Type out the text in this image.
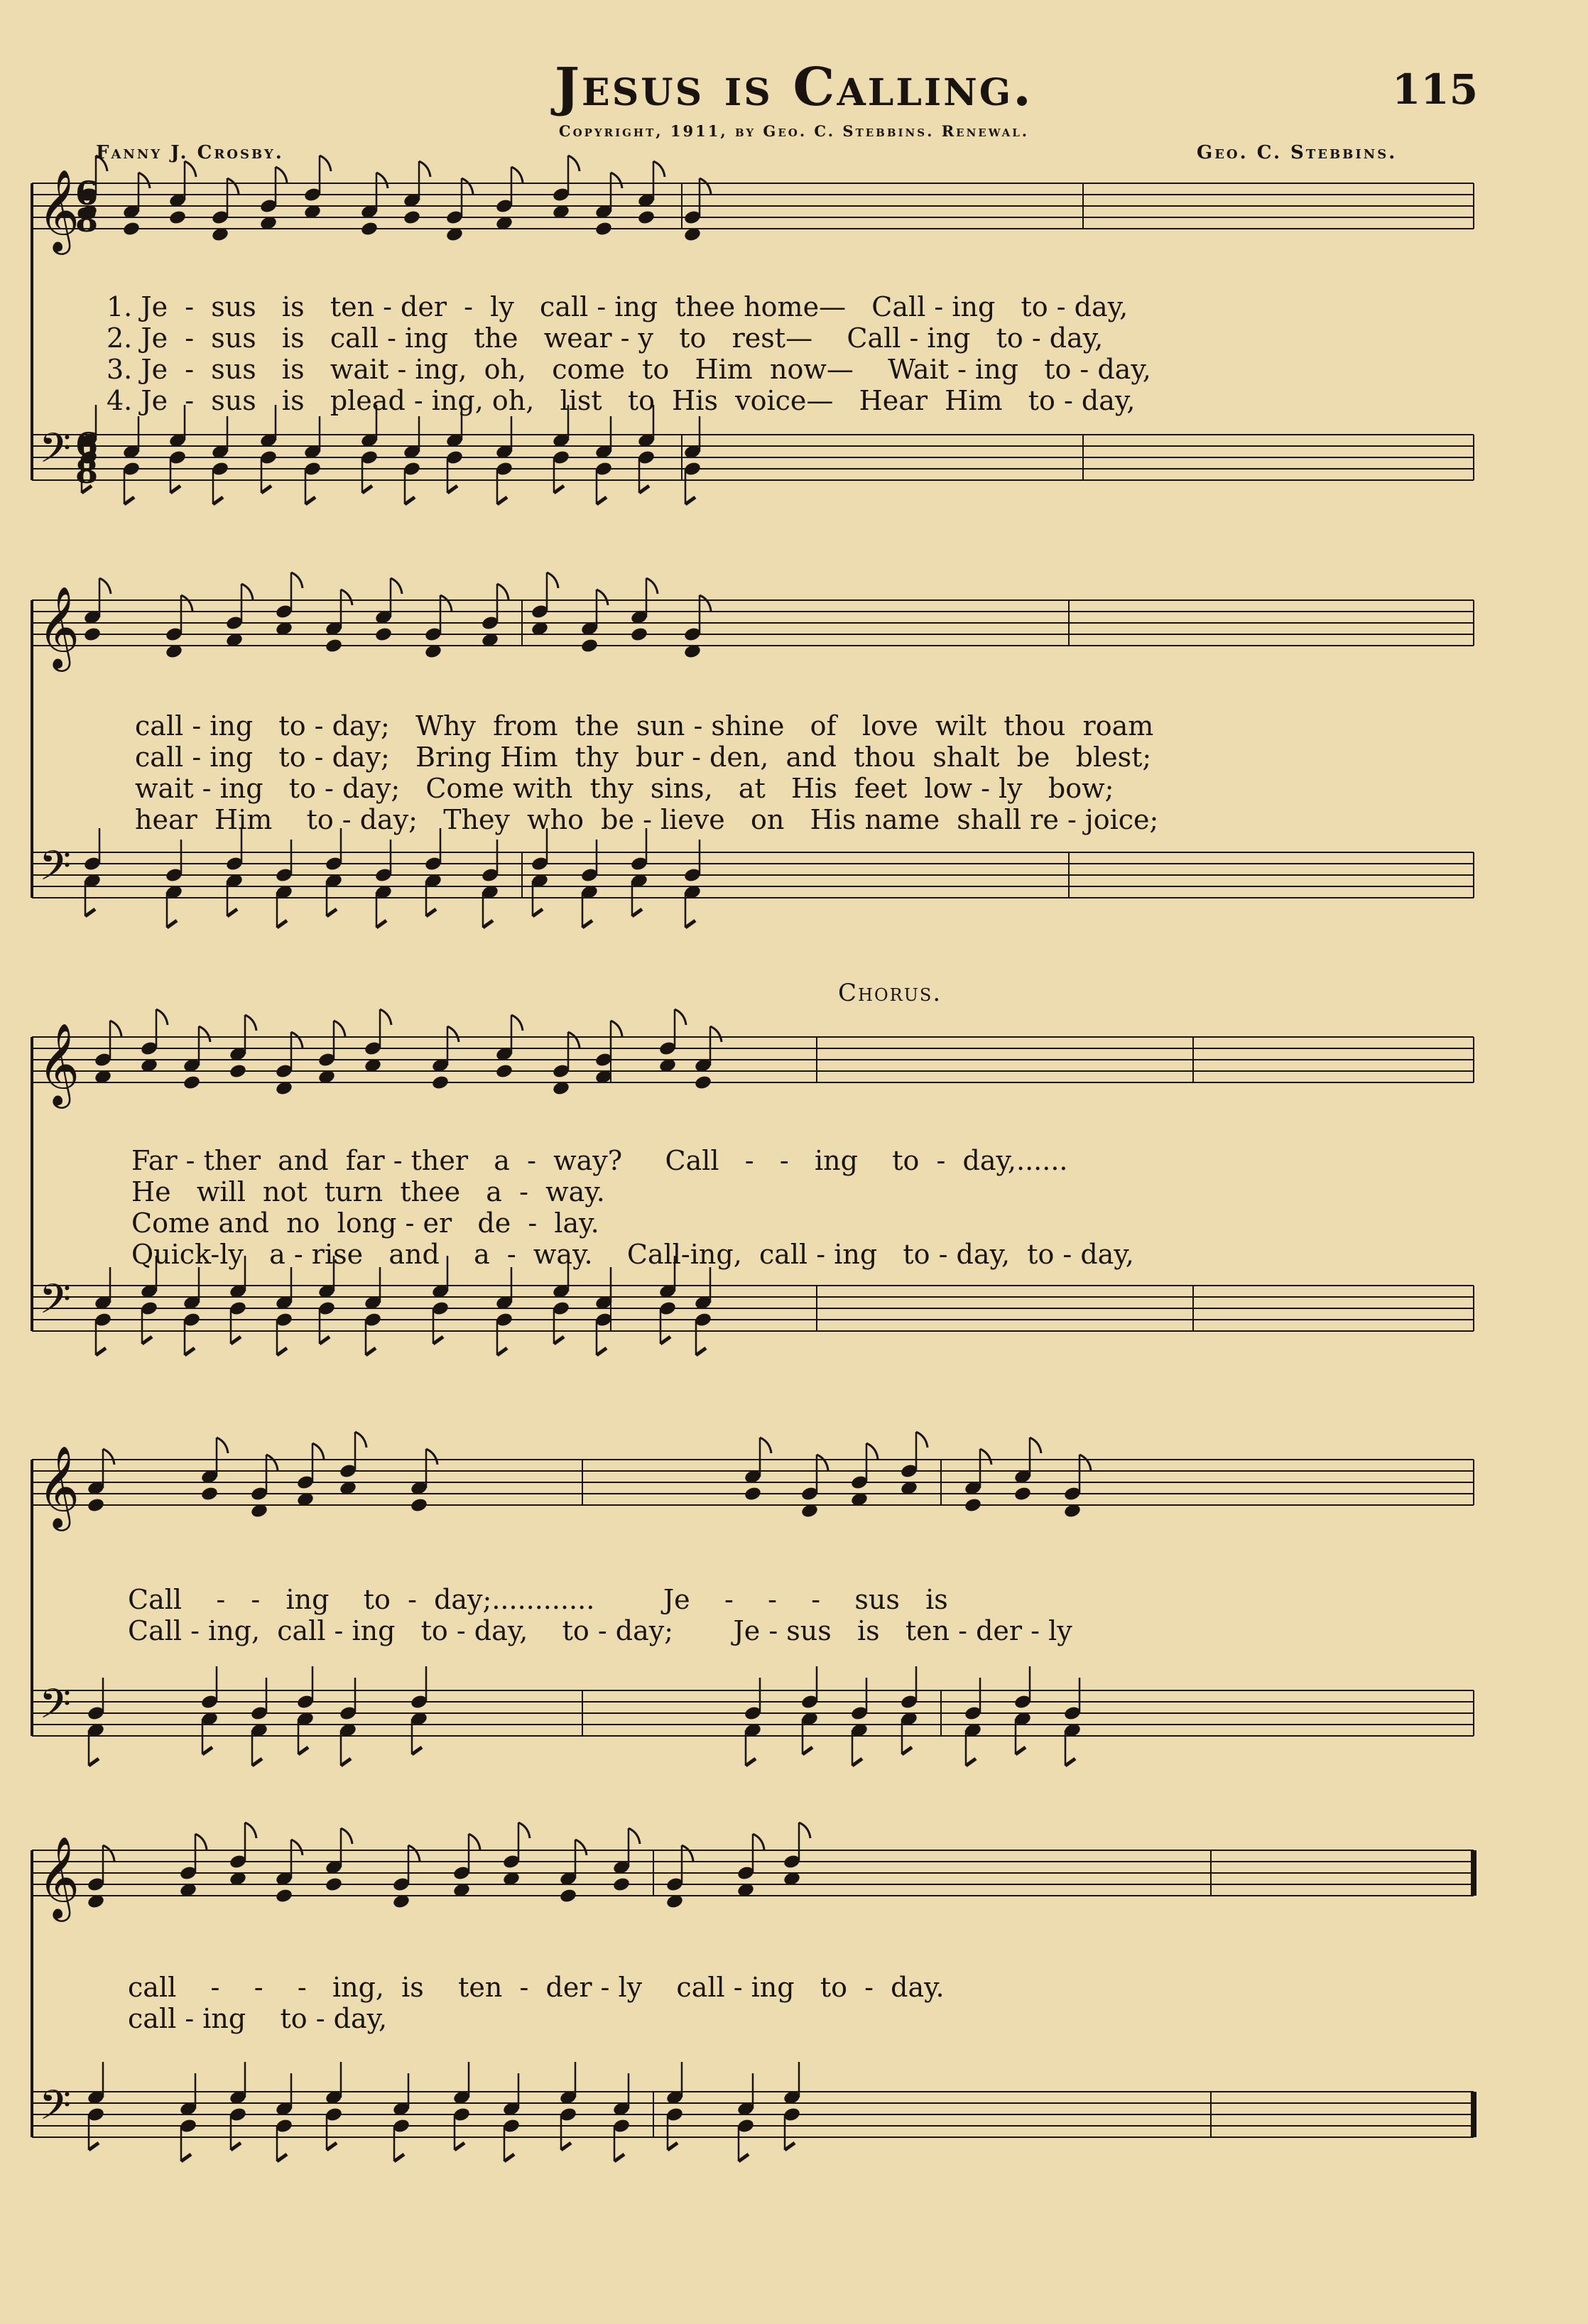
Jesus is Calling.	115
Copyright, 1911, by Geo. C. Stebbins. Renewal.
Fanny J. Crosby.	Geo. C. Stebbins.
Chorus.
𝄞
𝄢
𝄞
𝄢
𝄞
𝄢
𝄞
𝄢
𝄞
𝄢
6
8
6
8
1. Je  -  sus   is   ten - der  -  ly   call - ing  thee home—   Call - ing   to - day,
2. Je  -  sus   is   call - ing   the   wear - y   to   rest—    Call - ing   to - day,
3. Je  -  sus   is   wait - ing,  oh,   come  to   Him  now—    Wait - ing   to - day,
4. Je  -  sus   is   plead - ing, oh,   list   to  His  voice—   Hear  Him   to - day,
call - ing   to - day;   Why  from  the  sun - shine   of   love  wilt  thou  roam
call - ing   to - day;   Bring Him  thy  bur - den,  and  thou  shalt  be   blest;
wait - ing   to - day;   Come with  thy  sins,   at   His  feet  low - ly   bow;
hear  Him    to - day;   They  who  be - lieve   on   His name  shall re - joice;
Far - ther  and  far - ther   a  -  way?     Call   -   -   ing    to  -  day,......
He   will  not  turn  thee   a  -  way.
Come and  no  long - er   de  -  lay.
Quick-ly   a - rise   and    a  -  way.    Call-ing,  call - ing   to - day,  to - day,
Call    -   -   ing    to  -  day;............        Je    -    -    -    sus   is
Call - ing,  call - ing   to - day,    to - day;       Je - sus   is   ten - der - ly
call    -    -    -   ing,  is    ten  -  der - ly    call - ing   to  -  day.
call - ing    to - day,
